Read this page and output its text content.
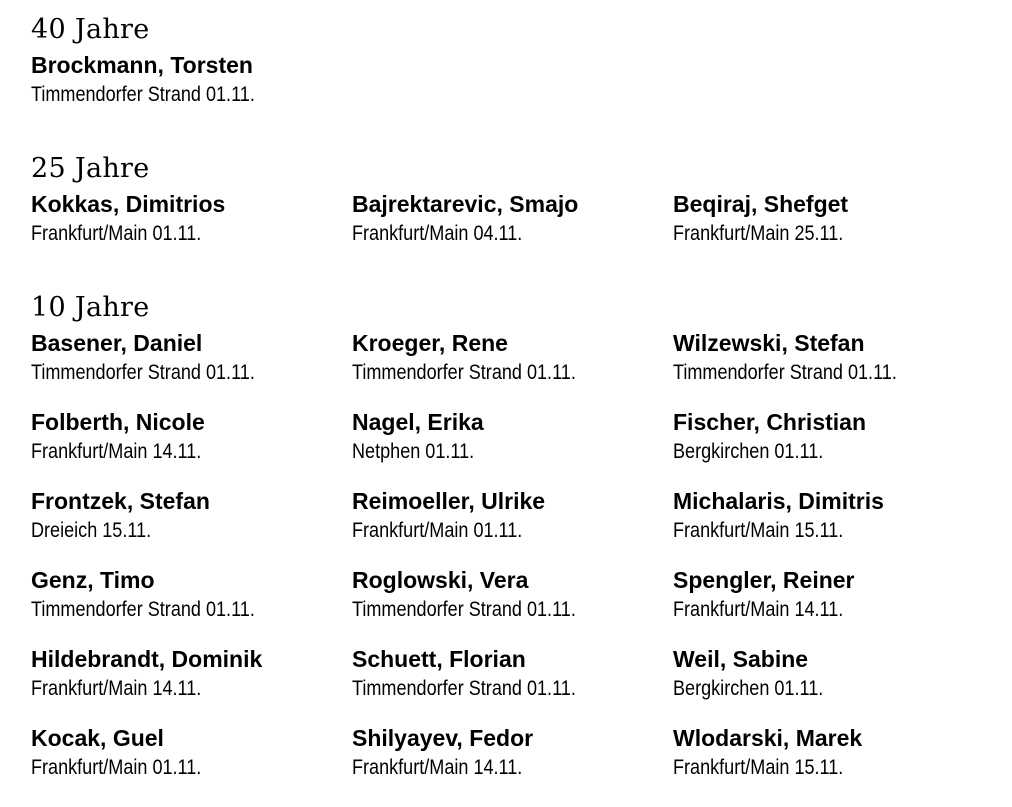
40 Jahre
Brockmann, Torsten
Timmendorfer Strand 01.11.
25 Jahre
Kokkas, Dimitrios
Frankfurt/Main 01.11.
Bajrektarevic, Smajo
Frankfurt/Main 04.11.
Beqiraj, Shefget
Frankfurt/Main 25.11.
10 Jahre
Basener, Daniel
Timmendorfer Strand 01.11.
Kroeger, Rene
Timmendorfer Strand 01.11.
Wilzewski, Stefan
Timmendorfer Strand 01.11.
Folberth, Nicole
Frankfurt/Main 14.11.
Nagel, Erika
Netphen 01.11.
Fischer, Christian
Bergkirchen 01.11.
Frontzek, Stefan
Dreieich 15.11.
Reimoeller, Ulrike
Frankfurt/Main 01.11.
Michalaris, Dimitris
Frankfurt/Main 15.11.
Genz, Timo
Timmendorfer Strand 01.11.
Roglowski, Vera
Timmendorfer Strand 01.11.
Spengler, Reiner
Frankfurt/Main 14.11.
Hildebrandt, Dominik
Frankfurt/Main 14.11.
Schuett, Florian
Timmendorfer Strand 01.11.
Weil, Sabine
Bergkirchen 01.11.
Kocak, Guel
Frankfurt/Main 01.11.
Shilyayev, Fedor
Frankfurt/Main 14.11.
Wlodarski, Marek
Frankfurt/Main 15.11.
